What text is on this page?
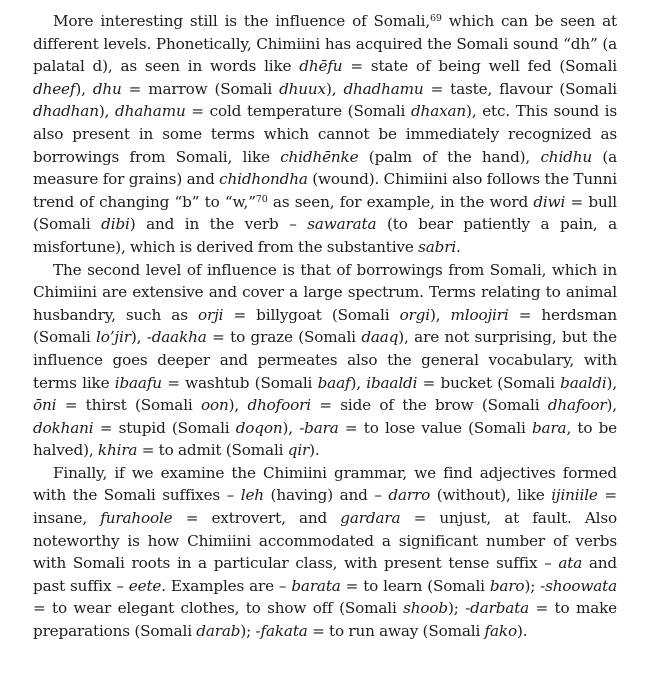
More interesting still is the influence of Somali,$^{69}$ which can be seen at different levels. Phonetically, Chimiini has acquired the Somali sound “dh” (a palatal d), as seen in words like dhēfu = state of being well fed (Somali dheef), dhu = marrow (Somali dhuux), dhadhamu = taste, flavour (Somali dhadhan), dhahamu = cold temperature (Somali dhaxan), etc. This sound is also present in some terms which cannot be immediately recognized as borrowings from Somali, like chidhēnke (palm of the hand), chidhu (a measure for grains) and chidhondha (wound). Chimiini also follows the Tunni trend of changing “b” to “w,”$^{70}$ as seen, for example, in the word diwi = bull (Somali dibi) and in the verb – sawarata (to bear patiently a pain, a misfortune), which is derived from the substantive sabri.

The second level of influence is that of borrowings from Somali, which in Chimiini are extensive and cover a large spectrum. Terms relating to animal husbandry, such as orji = billygoat (Somali orgi), mloojiri = herdsman (Somali lo’jir), -daakha = to graze (Somali daaq), are not surprising, but the influence goes deeper and permeates also the general vocabulary, with terms like ibaafu = washtub (Somali baaf), ibaaldi = bucket (Somali baaldi), ōni = thirst (Somali oon), dhofoori = side of the brow (Somali dhafoor), dokhani = stupid (Somali doqon), -bara = to lose value (Somali bara, to be halved), khira = to admit (Somali qir).

Finally, if we examine the Chimiini grammar, we find adjectives formed with the Somali suffixes – leh (having) and – darro (without), like ijiniile = insane, furahoole = extrovert, and gardara = unjust, at fault. Also noteworthy is how Chimiini accommodated a significant number of verbs with Somali roots in a particular class, with present tense suffix – ata and past suffix – eete. Examples are – barata = to learn (Somali baro); -shoowata = to wear elegant clothes, to show off (Somali shoob); -darbata = to make preparations (Somali darab); -fakata = to run away (Somali fako).
